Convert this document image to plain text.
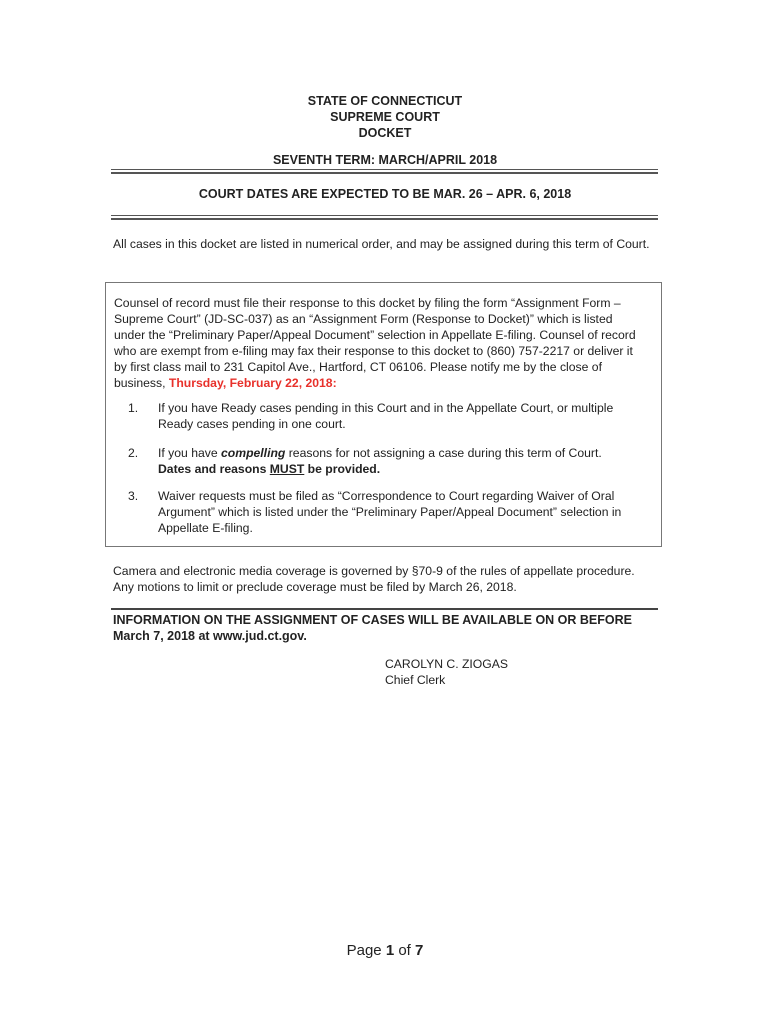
STATE OF CONNECTICUT
SUPREME COURT
DOCKET
SEVENTH TERM: MARCH/APRIL 2018
COURT DATES ARE EXPECTED TO BE MAR. 26 – APR. 6, 2018
All cases in this docket are listed in numerical order, and may be assigned during this term of Court.
Counsel of record must file their response to this docket by filing the form “Assignment Form – Supreme Court” (JD-SC-037) as an “Assignment Form (Response to Docket)” which is listed under the “Preliminary Paper/Appeal Document” selection in Appellate E-filing. Counsel of record who are exempt from e-filing may fax their response to this docket to (860) 757-2217 or deliver it by first class mail to 231 Capitol Ave., Hartford, CT 06106. Please notify me by the close of business, Thursday, February 22, 2018:
1. If you have Ready cases pending in this Court and in the Appellate Court, or multiple Ready cases pending in one court.
2. If you have compelling reasons for not assigning a case during this term of Court.
Dates and reasons MUST be provided.
3. Waiver requests must be filed as “Correspondence to Court regarding Waiver of Oral Argument” which is listed under the “Preliminary Paper/Appeal Document” selection in Appellate E-filing.
Camera and electronic media coverage is governed by §70-9 of the rules of appellate procedure. Any motions to limit or preclude coverage must be filed by March 26, 2018.
INFORMATION ON THE ASSIGNMENT OF CASES WILL BE AVAILABLE ON OR BEFORE March 7, 2018 at www.jud.ct.gov.
CAROLYN C. ZIOGAS
Chief Clerk
Page 1 of 7
